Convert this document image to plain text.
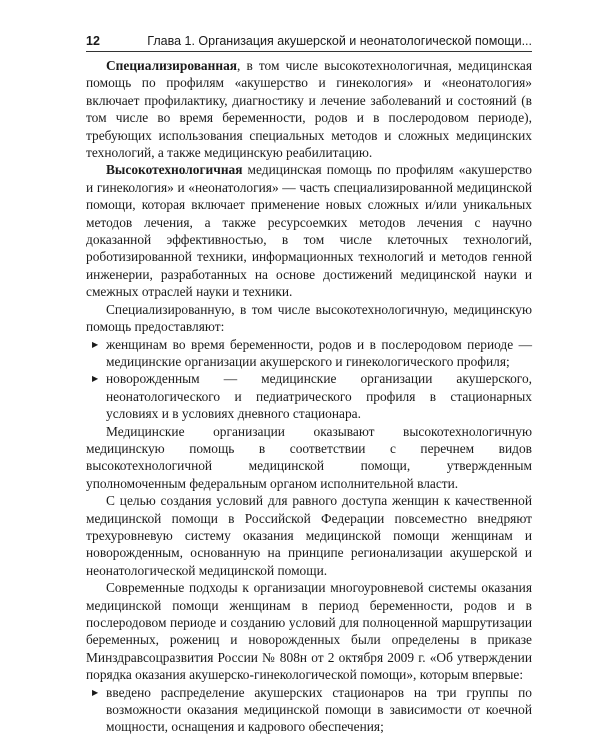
12	Глава 1. Организация акушерской и неонатологической помощи...

Специализированная, в том числе высокотехнологичная, медицинская помощь по профилям «акушерство и гинекология» и «неонатология» включает профилактику, диагностику и лечение заболеваний и состояний (в том числе во время беременности, родов и в послеродовом периоде), требующих использования специальных методов и сложных медицинских технологий, а также медицинскую реабилитацию.

Высокотехнологичная медицинская помощь по профилям «акушерство и гинекология» и «неонатология» — часть специализированной медицинской помощи, которая включает применение новых сложных и/или уникальных методов лечения, а также ресурсоемких методов лечения с научно доказанной эффективностью, в том числе клеточных технологий, роботизированной техники, информационных технологий и методов генной инженерии, разработанных на основе достижений медицинской науки и смежных отраслей науки и техники.

Специализированную, в том числе высокотехнологичную, медицинскую помощь предоставляют:

▶ женщинам во время беременности, родов и в послеродовом периоде — медицинские организации акушерского и гинекологического профиля;
▶ новорожденным — медицинские организации акушерского, неонатологического и педиатрического профиля в стационарных условиях и в условиях дневного стационара.

Медицинские организации оказывают высокотехнологичную медицинскую помощь в соответствии с перечнем видов высокотехнологичной медицинской помощи, утвержденным уполномоченным федеральным органом исполнительной власти.

С целью создания условий для равного доступа женщин к качественной медицинской помощи в Российской Федерации повсеместно внедряют трехуровневую систему оказания медицинской помощи женщинам и новорожденным, основанную на принципе регионализации акушерской и неонатологической медицинской помощи.

Современные подходы к организации многоуровневой системы оказания медицинской помощи женщинам в период беременности, родов и в послеродовом периоде и созданию условий для полноценной маршрутизации беременных, рожениц и новорожденных были определены в приказе Минздравсоцразвития России № 808н от 2 октября 2009 г. «Об утверждении порядка оказания акушерско-гинекологической помощи», которым впервые:

▶ введено распределение акушерских стационаров на три группы по возможности оказания медицинской помощи в зависимости от коечной мощности, оснащения и кадрового обеспечения;
